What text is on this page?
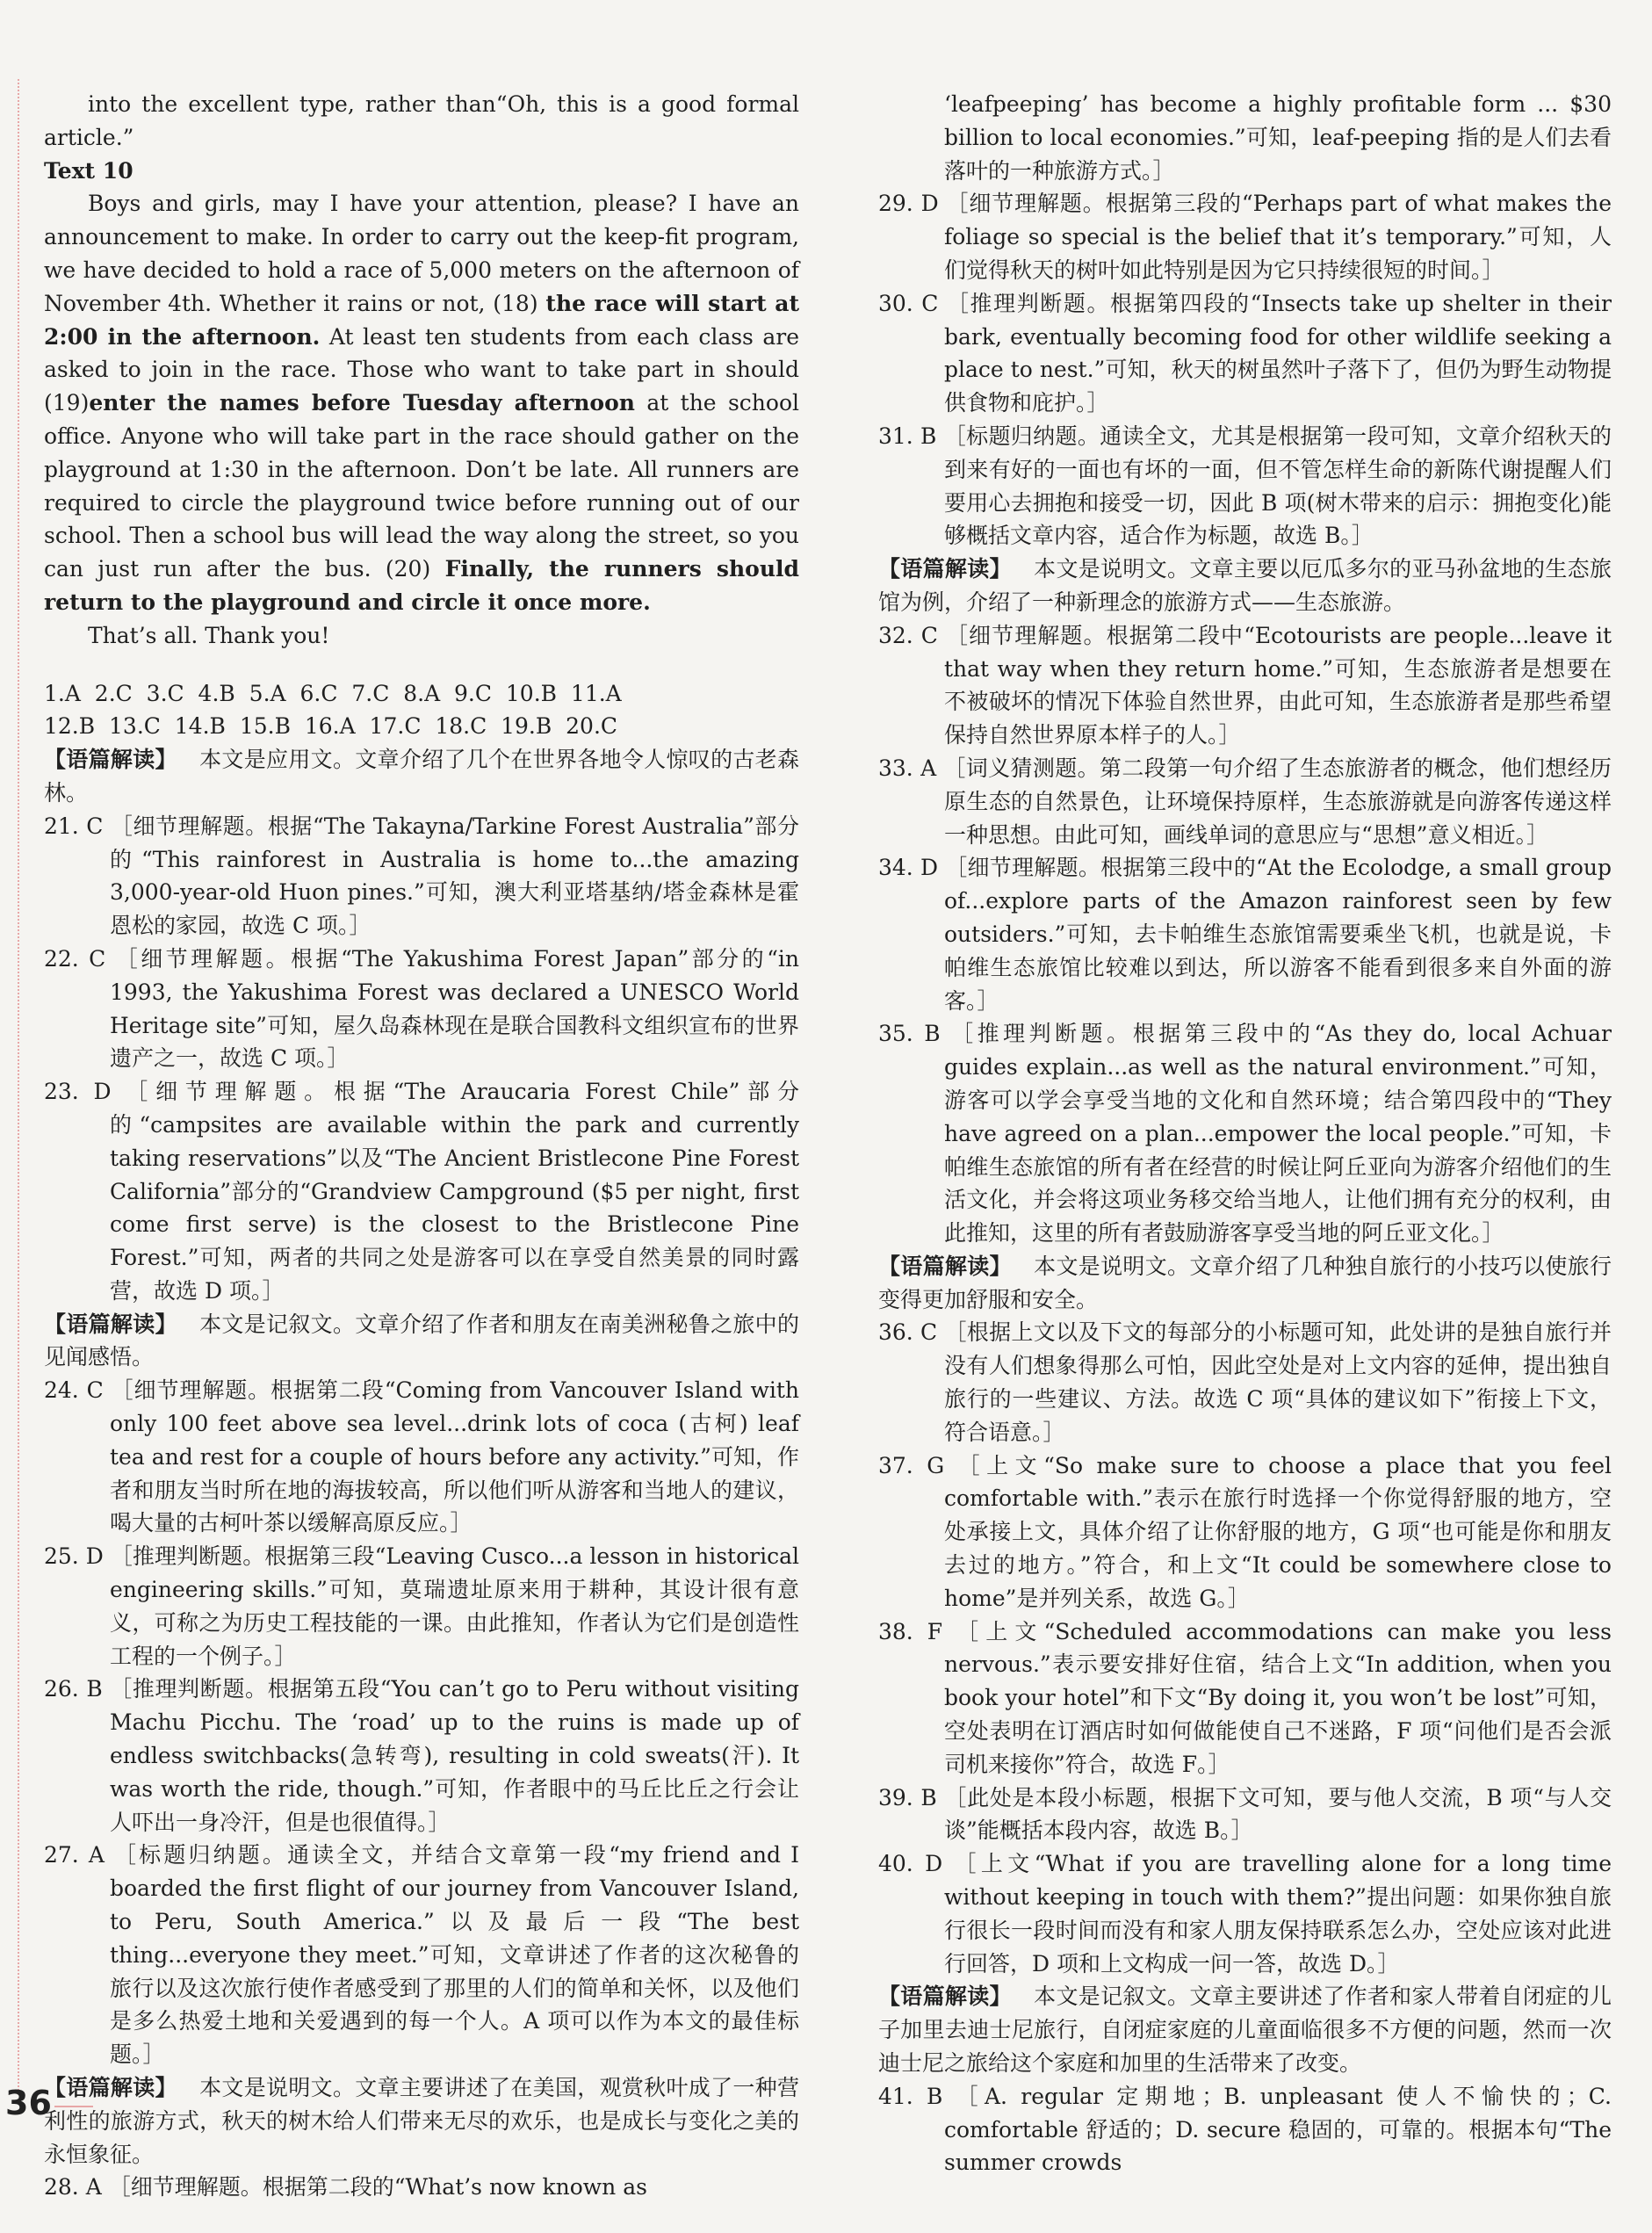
into the excellent type, rather than“Oh, this is a good formal article.”

Text 10

Boys and girls, may I have your attention, please? I have an announcement to make. In order to carry out the keep-fit program, we have decided to hold a race of 5,000 meters on the afternoon of November 4th. Whether it rains or not, (18) the race will start at 2:00 in the afternoon. At least ten students from each class are asked to join in the race. Those who want to take part in should (19)enter the names before Tuesday afternoon at the school office. Anyone who will take part in the race should gather on the playground at 1:30 in the afternoon. Don’t be late. All runners are required to circle the playground twice before running out of our school. Then a school bus will lead the way along the street, so you can just run after the bus. (20) Finally, the runners should return to the playground and circle it once more.

That’s all. Thank you!

1.A  2.C  3.C  4.B  5.A  6.C  7.C  8.A  9.C  10.B  11.A

12.B  13.C  14.B  15.B  16.A  17.C  18.C  19.B  20.C

【语篇解读】 本文是应用文。文章介绍了几个在世界各地令人惊叹的古老森林。

21. C ［细节理解题。根据“The Takayna/Tarkine Forest Australia”部分的“This rainforest in Australia is home to...the amazing 3,000-year-old Huon pines.”可知，澳大利亚塔基纳/塔金森林是霍恩松的家园，故选 C 项。］

22. C ［细节理解题。根据“The Yakushima Forest Japan”部分的“in 1993, the Yakushima Forest was declared a UNESCO World Heritage site”可知，屋久岛森林现在是联合国教科文组织宣布的世界遗产之一，故选 C 项。］

23. D ［细节理解题。根据“The Araucaria Forest Chile”部分的“campsites are available within the park and currently taking reservations”以及“The Ancient Bristlecone Pine Forest California”部分的“Grandview Campground ($5 per night, first come first serve) is the closest to the Bristlecone Pine Forest.”可知，两者的共同之处是游客可以在享受自然美景的同时露营，故选 D 项。］

【语篇解读】 本文是记叙文。文章介绍了作者和朋友在南美洲秘鲁之旅中的见闻感悟。

24. C ［细节理解题。根据第二段“Coming from Vancouver Island with only 100 feet above sea level...drink lots of coca (古柯) leaf tea and rest for a couple of hours before any activity.”可知，作者和朋友当时所在地的海拔较高，所以他们听从游客和当地人的建议，喝大量的古柯叶茶以缓解高原反应。］

25. D ［推理判断题。根据第三段“Leaving Cusco...a lesson in historical engineering skills.”可知，莫瑞遗址原来用于耕种，其设计很有意义，可称之为历史工程技能的一课。由此推知，作者认为它们是创造性工程的一个例子。］

26. B ［推理判断题。根据第五段“You can’t go to Peru without visiting Machu Picchu. The ‘road’ up to the ruins is made up of endless switchbacks(急转弯), resulting in cold sweats(汗). It was worth the ride, though.”可知，作者眼中的马丘比丘之行会让人吓出一身冷汗，但是也很值得。］

27. A ［标题归纳题。通读全文，并结合文章第一段“my friend and I boarded the first flight of our journey from Vancouver Island, to Peru, South America.”以及最后一段“The best thing...everyone they meet.”可知，文章讲述了作者的这次秘鲁的旅行以及这次旅行使作者感受到了那里的人们的简单和关怀，以及他们是多么热爱土地和关爱遇到的每一个人。A 项可以作为本文的最佳标题。］

【语篇解读】 本文是说明文。文章主要讲述了在美国，观赏秋叶成了一种营利性的旅游方式，秋天的树木给人们带来无尽的欢乐，也是成长与变化之美的永恒象征。

28. A ［细节理解题。根据第二段的“What’s now known as

‘leafpeeping’ has become a highly profitable form ... $30 billion to local economies.”可知，leaf-peeping 指的是人们去看落叶的一种旅游方式。］

29. D ［细节理解题。根据第三段的“Perhaps part of what makes the foliage so special is the belief that it’s temporary.”可知，人们觉得秋天的树叶如此特别是因为它只持续很短的时间。］

30. C ［推理判断题。根据第四段的“Insects take up shelter in their bark, eventually becoming food for other wildlife seeking a place to nest.”可知，秋天的树虽然叶子落下了，但仍为野生动物提供食物和庇护。］

31. B ［标题归纳题。通读全文，尤其是根据第一段可知，文章介绍秋天的到来有好的一面也有坏的一面，但不管怎样生命的新陈代谢提醒人们要用心去拥抱和接受一切，因此 B 项(树木带来的启示：拥抱变化)能够概括文章内容，适合作为标题，故选 B。］

【语篇解读】 本文是说明文。文章主要以厄瓜多尔的亚马孙盆地的生态旅馆为例，介绍了一种新理念的旅游方式——生态旅游。

32. C ［细节理解题。根据第二段中“Ecotourists are people...leave it that way when they return home.”可知，生态旅游者是想要在不被破坏的情况下体验自然世界，由此可知，生态旅游者是那些希望保持自然世界原本样子的人。］

33. A ［词义猜测题。第二段第一句介绍了生态旅游者的概念，他们想经历原生态的自然景色，让环境保持原样，生态旅游就是向游客传递这样一种思想。由此可知，画线单词的意思应与“思想”意义相近。］

34. D ［细节理解题。根据第三段中的“At the Ecolodge, a small group of...explore parts of the Amazon rainforest seen by few outsiders.”可知，去卡帕维生态旅馆需要乘坐飞机，也就是说，卡帕维生态旅馆比较难以到达，所以游客不能看到很多来自外面的游客。］

35. B ［推理判断题。根据第三段中的“As they do, local Achuar guides explain...as well as the natural environment.”可知，游客可以学会享受当地的文化和自然环境；结合第四段中的“They have agreed on a plan...empower the local people.”可知，卡帕维生态旅馆的所有者在经营的时候让阿丘亚向为游客介绍他们的生活文化，并会将这项业务移交给当地人，让他们拥有充分的权利，由此推知，这里的所有者鼓励游客享受当地的阿丘亚文化。］

【语篇解读】 本文是说明文。文章介绍了几种独自旅行的小技巧以使旅行变得更加舒服和安全。

36. C ［根据上文以及下文的每部分的小标题可知，此处讲的是独自旅行并没有人们想象得那么可怕，因此空处是对上文内容的延伸，提出独自旅行的一些建议、方法。故选 C 项“具体的建议如下”衔接上下文，符合语意。］

37. G ［上文“So make sure to choose a place that you feel comfortable with.”表示在旅行时选择一个你觉得舒服的地方，空处承接上文，具体介绍了让你舒服的地方，G 项“也可能是你和朋友去过的地方。”符合，和上文“It could be somewhere close to home”是并列关系，故选 G。］

38. F ［上文“Scheduled accommodations can make you less nervous.”表示要安排好住宿，结合上文“In addition, when you book your hotel”和下文“By doing it, you won’t be lost”可知，空处表明在订酒店时如何做能使自己不迷路，F 项“问他们是否会派司机来接你”符合，故选 F。］

39. B ［此处是本段小标题，根据下文可知，要与他人交流，B 项“与人交谈”能概括本段内容，故选 B。］

40. D ［上文“What if you are travelling alone for a long time without keeping in touch with them?”提出问题：如果你独自旅行很长一段时间而没有和家人朋友保持联系怎么办，空处应该对此进行回答，D 项和上文构成一问一答，故选 D。］

【语篇解读】 本文是记叙文。文章主要讲述了作者和家人带着自闭症的儿子加里去迪士尼旅行，自闭症家庭的儿童面临很多不方便的问题，然而一次迪士尼之旅给这个家庭和加里的生活带来了改变。

41. B ［A. regular 定期地；B. unpleasant 使人不愉快的；C. comfortable 舒适的；D. secure 稳固的，可靠的。根据本句“The summer crowds

36
